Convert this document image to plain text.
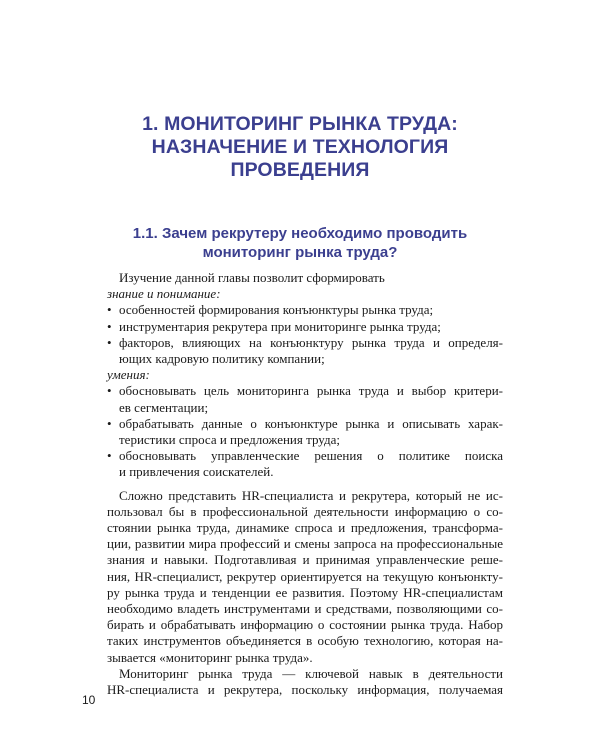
1. МОНИТОРИНГ РЫНКА ТРУДА:
НАЗНАЧЕНИЕ И ТЕХНОЛОГИЯ
ПРОВЕДЕНИЯ
1.1. Зачем рекрутеру необходимо проводить
мониторинг рынка труда?
Изучение данной главы позволит сформировать
знание и понимание:
• особенностей формирования конъюнктуры рынка труда;
• инструментария рекрутера при мониторинге рынка труда;
• факторов, влияющих на конъюнктуру рынка труда и определя-
ющих кадровую политику компании;
умения:
• обосновывать цель мониторинга рынка труда и выбор критери-
ев сегментации;
• обрабатывать данные о конъюнктуре рынка и описывать харак-
теристики спроса и предложения труда;
• обосновывать управленческие решения о политике поиска
и привлечения соискателей.
Сложно представить HR-специалиста и рекрутера, который не ис-
пользовал бы в профессиональной деятельности информацию о со-
стоянии рынка труда, динамике спроса и предложения, трансформа-
ции, развитии мира профессий и смены запроса на профессиональные
знания и навыки. Подготавливая и принимая управленческие реше-
ния, HR-специалист, рекрутер ориентируется на текущую конъюнкту-
ру рынка труда и тенденции ее развития. Поэтому HR-специалистам
необходимо владеть инструментами и средствами, позволяющими со-
бирать и обрабатывать информацию о состоянии рынка труда. Набор
таких инструментов объединяется в особую технологию, которая на-
зывается «мониторинг рынка труда».
Мониторинг рынка труда — ключевой навык в деятельности
HR-специалиста и рекрутера, поскольку информация, получаемая
10
